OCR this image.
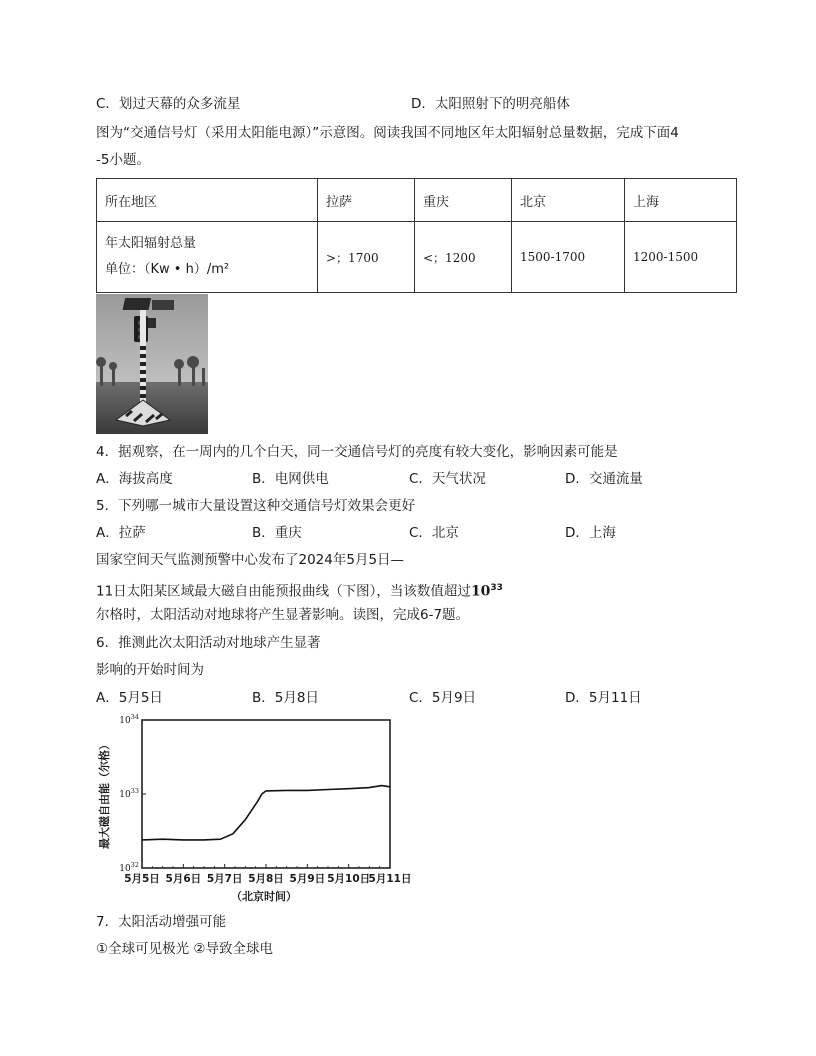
C．划过天幕的众多流星	D．太阳照射下的明亮船体
图为“交通信号灯（采用太阳能电源）”示意图。阅读我国不同地区年太阳辐射总量数据，完成下面4
-5小题。
所在地区	拉萨	重庆	北京	上海

年太阳辐射总量
单位：（Kw • h）/m²	>；1700	<；1200	1500-1700	1200-1500
4．据观察，在一周内的几个白天，同一交通信号灯的亮度有较大变化，影响因素可能是
A．海拔高度	B．电网供电	C．天气状况	D．交通流量
5．下列哪一城市大量设置这种交通信号灯效果会更好
A．拉萨	B．重庆	C．北京	D．上海
国家空间天气监测预警中心发布了2024年5月5日—
11日太阳某区域最大磁自由能预报曲线（下图），当该数值超过$10^{33}$
尔格时，太阳活动对地球将产生显著影响。读图，完成6-7题。
6．推测此次太阳活动对地球产生显著
影响的开始时间为
A．5月5日	B．5月8日	C．5月9日	D．5月11日
5月5日 5月6日 5月7日 5月8日 5月9日 5月10日
5月11日
$10^{32}$
$10^{33}$
$10^{34}$
最大磁自由能（尔格）
（北京时间）
7．太阳活动增强可能
①全球可见极光 ②导致全球电
